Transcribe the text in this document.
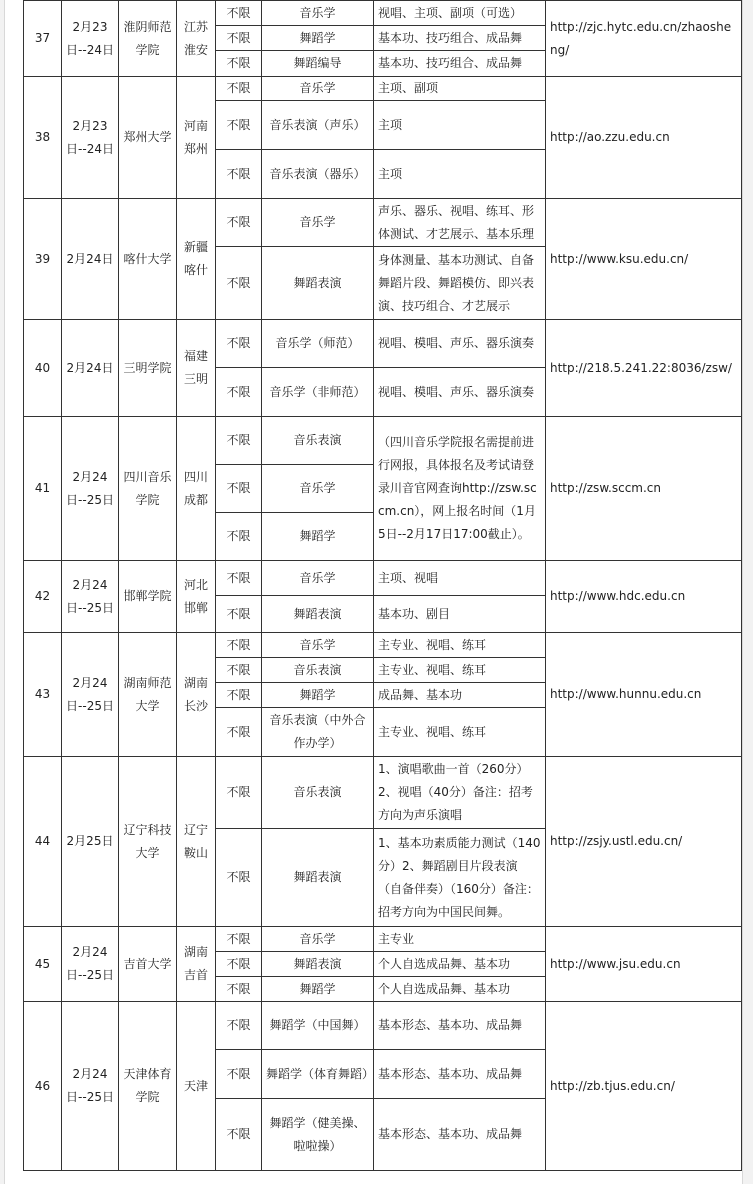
37	2月23日--24日	淮阴师范学院	江苏淮安	不限	音乐学	视唱、主项、副项（可选）	http://zjc.hytc.edu.cn/zhaosheng/
				不限	舞蹈学	基本功、技巧组合、成品舞	
				不限	舞蹈编导	基本功、技巧组合、成品舞	
38	2月23日--24日	郑州大学	河南郑州	不限	音乐学	主项、副项	http://ao.zzu.edu.cn
				不限	音乐表演（声乐）	主项	
				不限	音乐表演（器乐）	主项	
39	2月24日	喀什大学	新疆喀什	不限	音乐学	声乐、器乐、视唱、练耳、形体测试、才艺展示、基本乐理	http://www.ksu.edu.cn/
				不限	舞蹈表演	身体测量、基本功测试、自备舞蹈片段、舞蹈模仿、即兴表演、技巧组合、才艺展示	
40	2月24日	三明学院	福建三明	不限	音乐学（师范）	视唱、模唱、声乐、器乐演奏	http://218.5.241.22:8036/zsw/
				不限	音乐学（非师范）	视唱、模唱、声乐、器乐演奏	
41	2月24日--25日	四川音乐学院	四川成都	不限	音乐表演	（四川音乐学院报名需提前进行网报，具体报名及考试请登录川音官网查询http://zsw.sccm.cn），网上报名时间（1月5日--2月17日17:00截止）。	http://zsw.sccm.cn
				不限	音乐学		
				不限	舞蹈学		
42	2月24日--25日	邯郸学院	河北邯郸	不限	音乐学	主项、视唱	http://www.hdc.edu.cn
				不限	舞蹈表演	基本功、剧目	
43	2月24日--25日	湖南师范大学	湖南长沙	不限	音乐学	主专业、视唱、练耳	http://www.hunnu.edu.cn
				不限	音乐表演	主专业、视唱、练耳	
				不限	舞蹈学	成品舞、基本功	
				不限	音乐表演（中外合作办学）	主专业、视唱、练耳	
44	2月25日	辽宁科技大学	辽宁鞍山	不限	音乐表演	1、演唱歌曲一首（260分）2、视唱（40分）备注：招考方向为声乐演唱	http://zsjy.ustl.edu.cn/
				不限	舞蹈表演	1、基本功素质能力测试（140分）2、舞蹈剧目片段表演（自备伴奏）（160分）备注：招考方向为中国民间舞。	
45	2月24日--25日	吉首大学	湖南吉首	不限	音乐学	主专业	http://www.jsu.edu.cn
				不限	舞蹈表演	个人自选成品舞、基本功	
				不限	舞蹈学	个人自选成品舞、基本功	
46	2月24日--25日	天津体育学院	天津	不限	舞蹈学（中国舞）	基本形态、基本功、成品舞	http://zb.tjus.edu.cn/
				不限	舞蹈学（体育舞蹈）	基本形态、基本功、成品舞	
				不限	舞蹈学（健美操、啦啦操）	基本形态、基本功、成品舞	
